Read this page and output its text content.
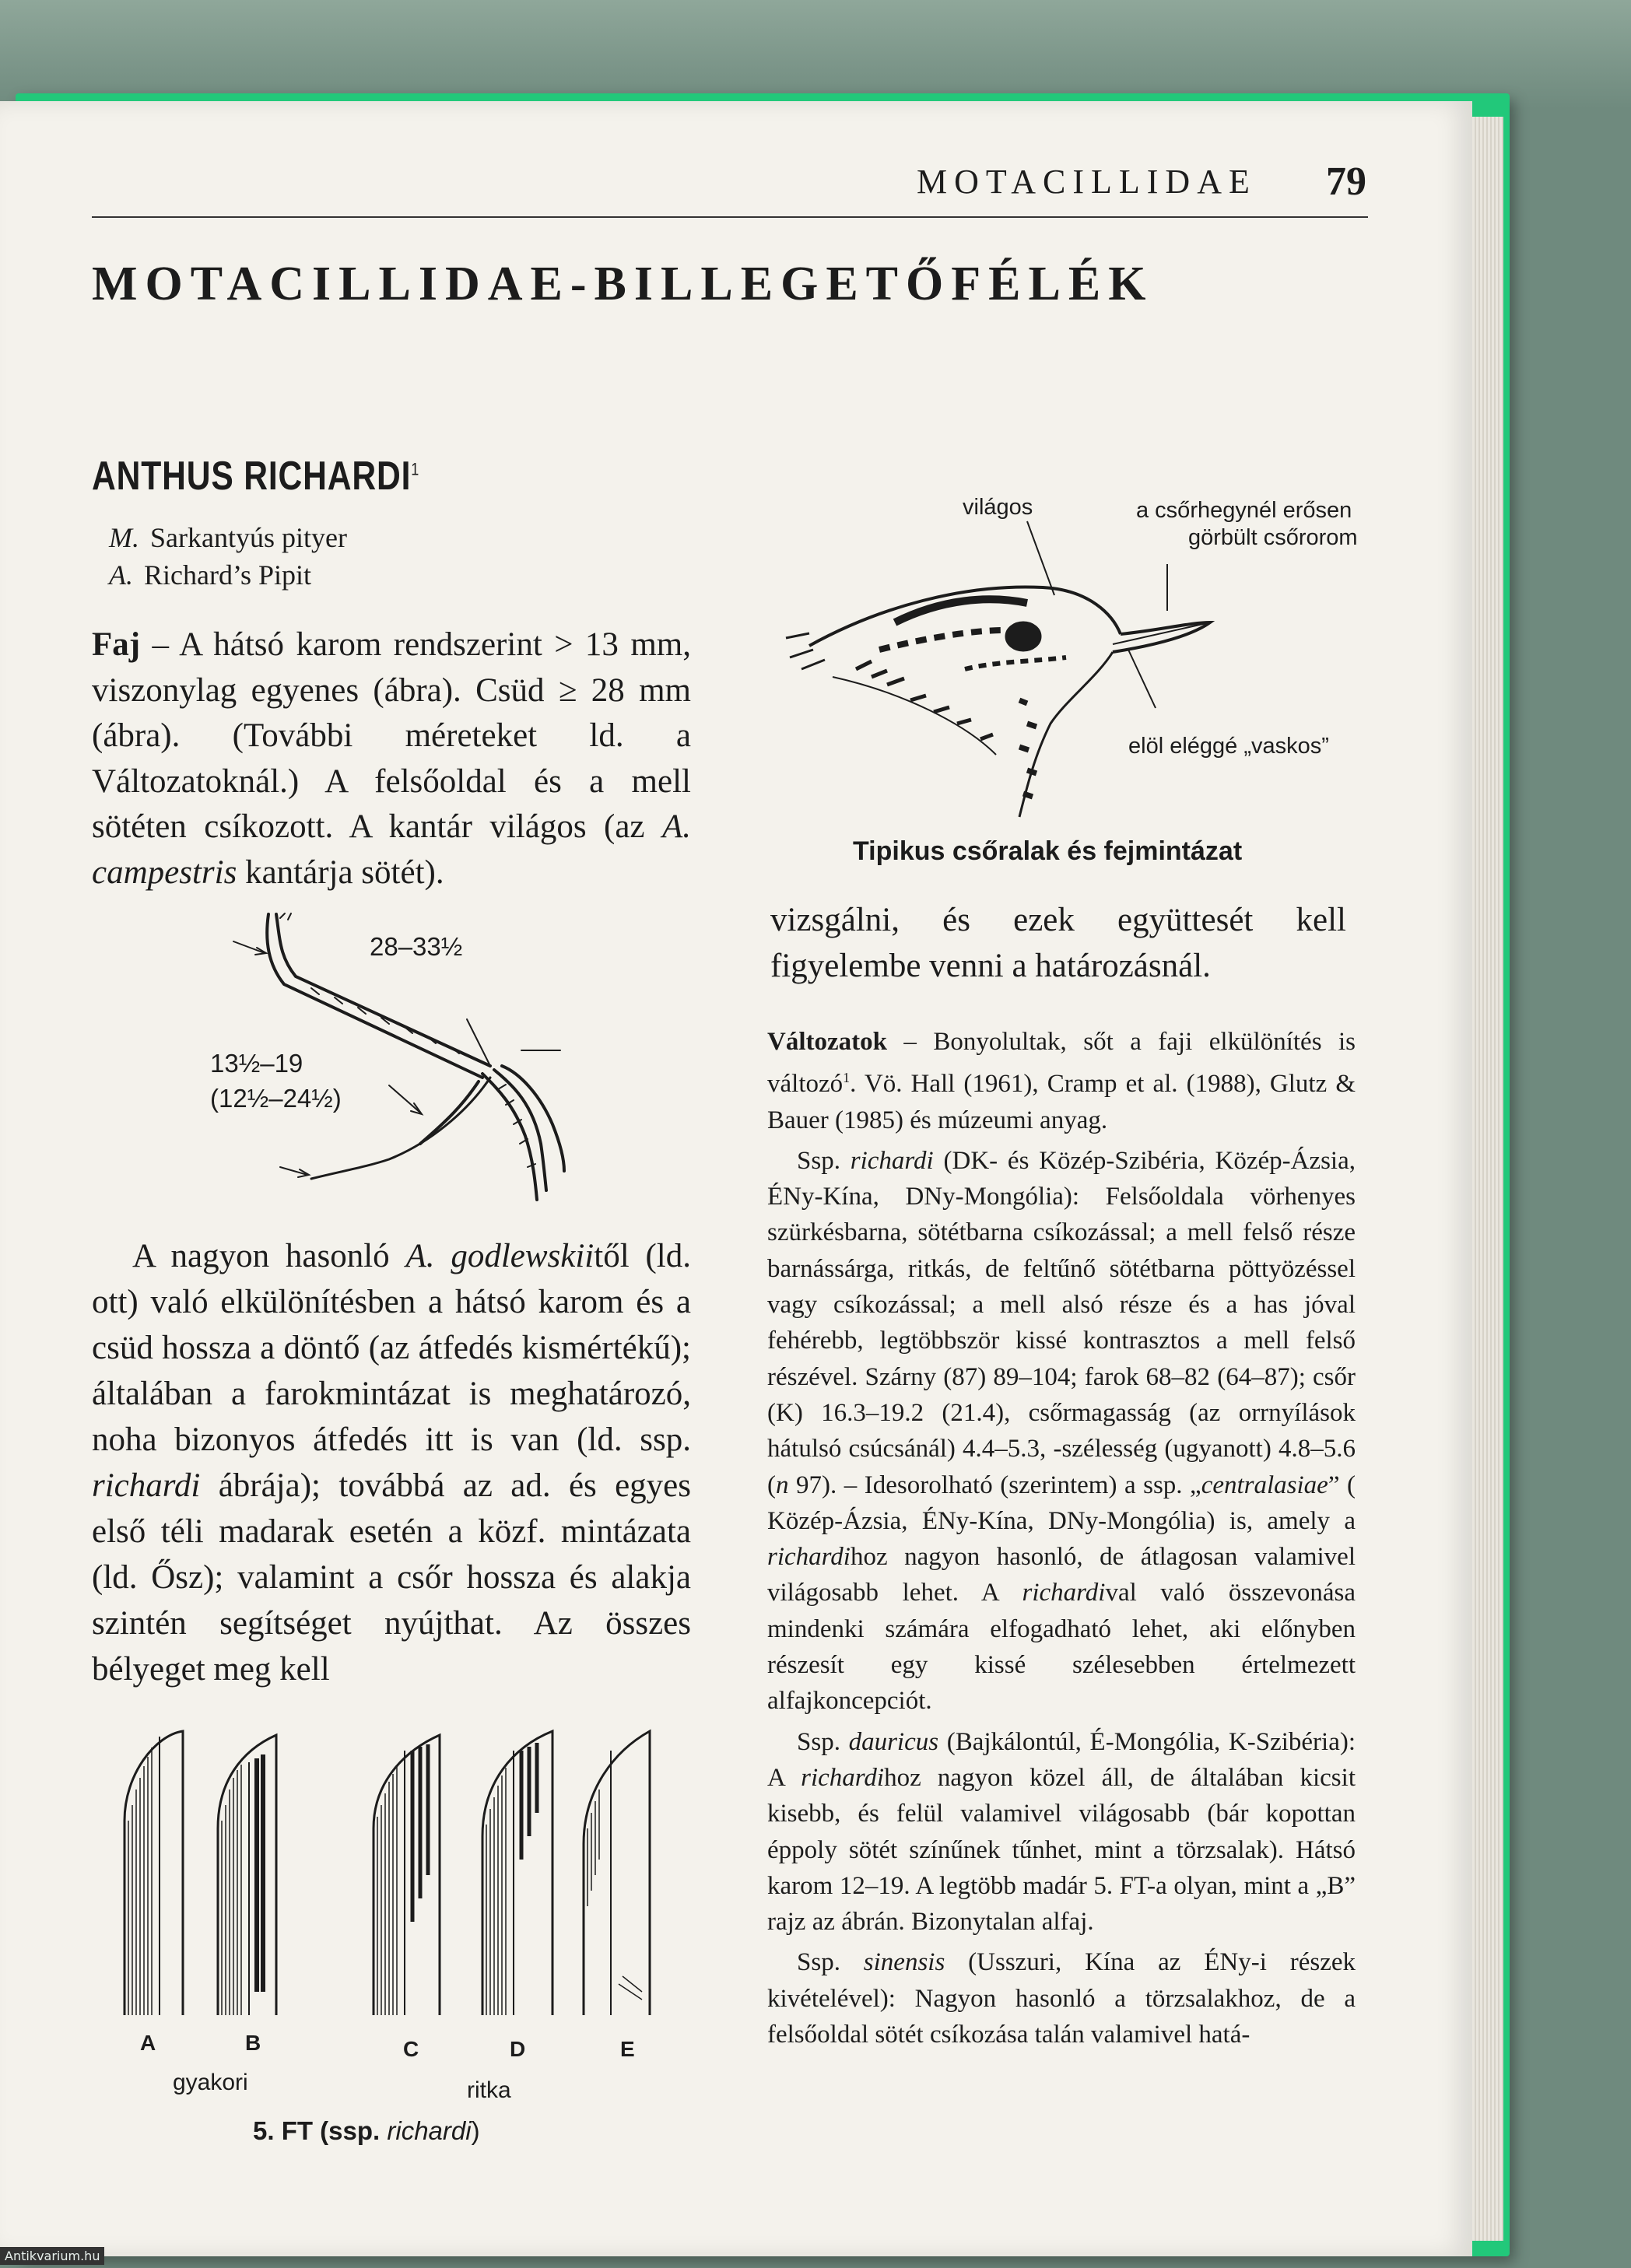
MOTACILLIDAE 79
MOTACILLIDAE-BILLEGETŐFÉLÉK
ANTHUS RICHARDI$^1$
M. Sarkantyús pityer
A. Richard’s Pipit
Faj – A hátsó karom rendszerint > 13 mm, viszonylag egyenes (ábra). Csüd ≥ 28 mm (ábra). (További méreteket ld. a Változatoknál.) A felsőoldal és a mell sötéten csíkozott. A kantár világos (az A. campestris kantárja sötét).
28–33½
13½–19
(12½–24½)
A nagyon hasonló A. godlewskiitől (ld. ott) való elkülönítésben a hátsó karom és a csüd hossza a döntő (az átfedés kismértékű); általában a farokmintázat is meghatározó, noha bizonyos átfedés itt is van (ld. ssp. richardi ábrája); továbbá az ad. és egyes első téli madarak esetén a közf. mintázata (ld. Ősz); valamint a csőr hossza és alakja szintén segítséget nyújthat. Az összes bélyeget meg kell
A	B	C	D	E
gyakori	ritka
5. FT (ssp. richardi)
világos	a csőrhegynél erősen
görbült csőrorom
elöl eléggé „vaskos”
Tipikus csőralak és fejmintázat
vizsgálni, és ezek együttesét kell figyelembe venni a határozásnál.

Változatok – Bonyolultak, sőt a faji elkülönítés is változó$^1$. Vö. Hall (1961), Cramp et al. (1988), Glutz & Bauer (1985) és múzeumi anyag.

Ssp. richardi (DK- és Közép-Szibéria, Közép-Ázsia, ÉNy-Kína, DNy-Mongólia): Felsőoldala vörhenyes szürkésbarna, sötétbarna csíkozással; a mell felső része barnássárga, ritkás, de feltűnő sötétbarna pöttyözéssel vagy csíkozással; a mell alsó része és a has jóval fehérebb, legtöbbször kissé kontrasztos a mell felső részével. Szárny (87) 89–104; farok 68–82 (64–87); csőr (K) 16.3–19.2 (21.4), csőrmagasság (az orrnyílások hátulsó csúcsánál) 4.4–5.3, -szélesség (ugyanott) 4.8–5.6 (n 97). – Idesorolható (szerintem) a ssp. „centralasiae” ( Közép-Ázsia, ÉNy-Kína, DNy-Mongólia) is, amely a richardihoz nagyon hasonló, de átlagosan valamivel világosabb lehet. A richardival való összevonása mindenki számára elfogadható lehet, aki előnyben részesít egy kissé szélesebben értelmezett alfajkoncepciót.

Ssp. dauricus (Bajkálontúl, É-Mongólia, K-Szibéria): A richardihoz nagyon közel áll, de általában kicsit kisebb, és felül valamivel világosabb (bár kopottan éppoly sötét színűnek tűnhet, mint a törzsalak). Hátsó karom 12–19. A legtöbb madár 5. FT-a olyan, mint a „B” rajz az ábrán. Bizonytalan alfaj.

Ssp. sinensis (Usszuri, Kína az ÉNy-i részek kivételével): Nagyon hasonló a törzsalakhoz, de a felsőoldal sötét csíkozása talán valamivel hatá-

Antikvarium.hu
